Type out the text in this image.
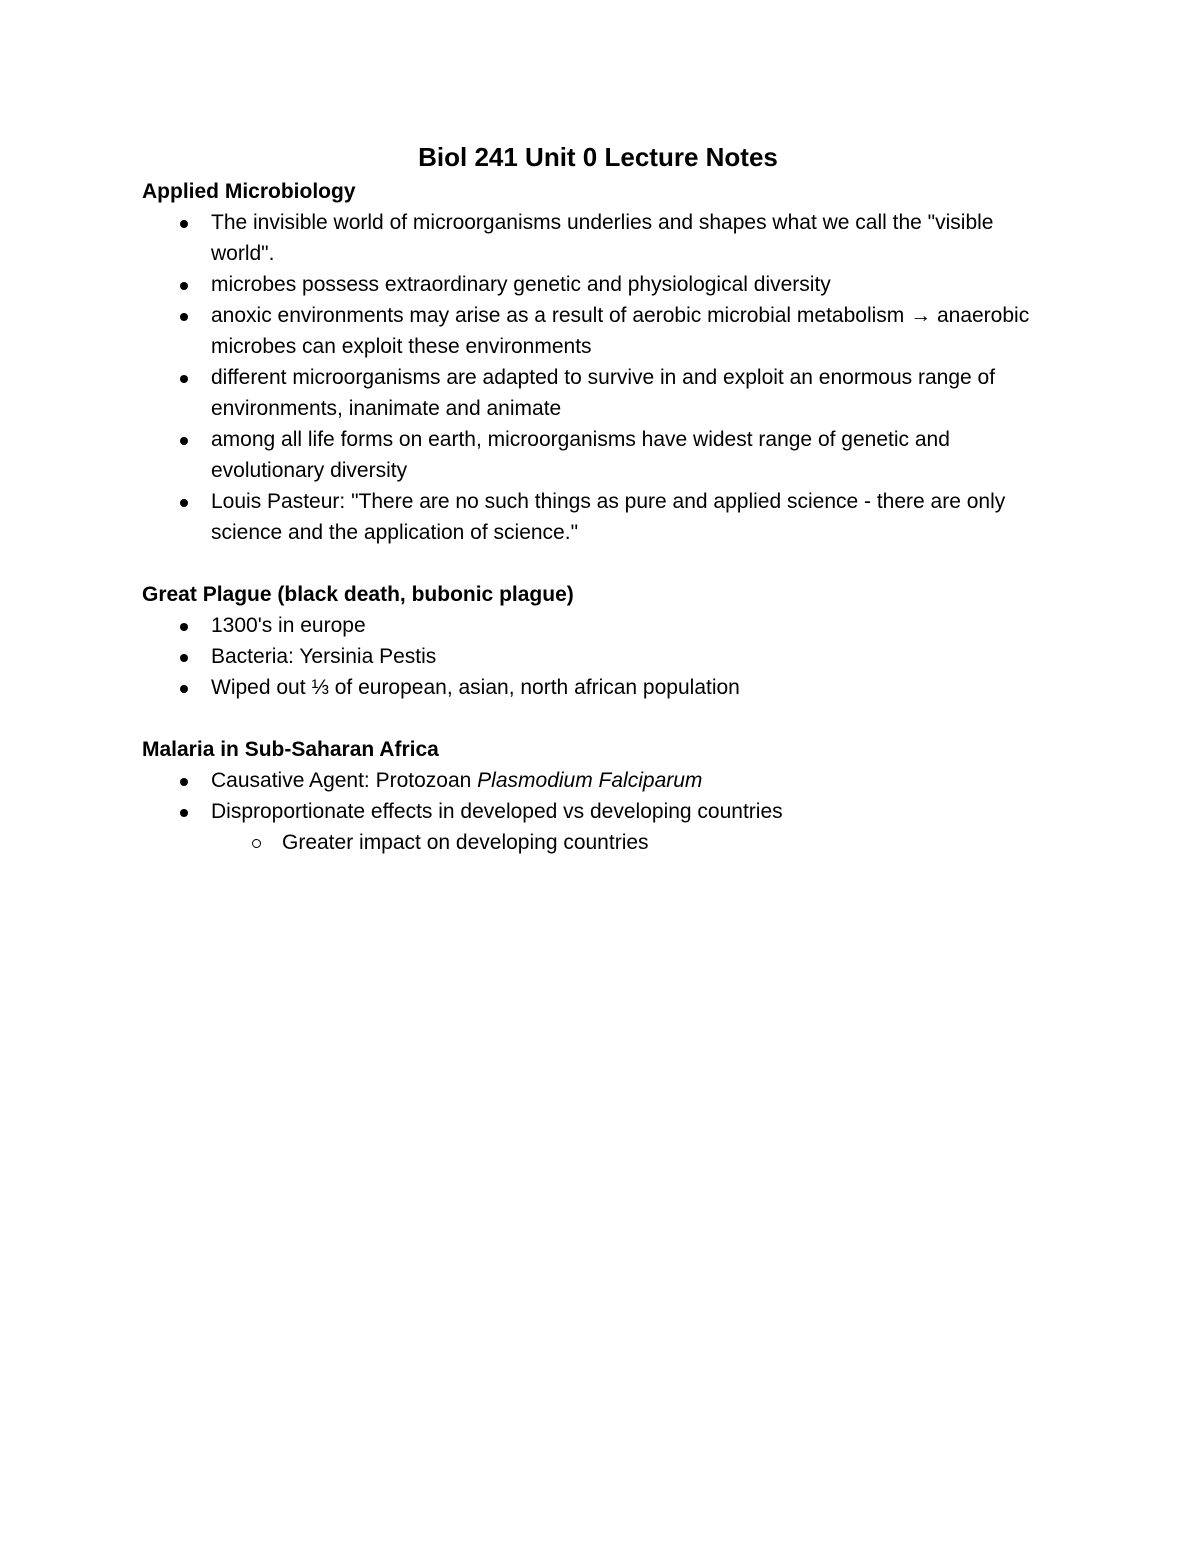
Biol 241 Unit 0 Lecture Notes
Applied Microbiology
The invisible world of microorganisms underlies and shapes what we call the "visible world".
microbes possess extraordinary genetic and physiological diversity
anoxic environments may arise as a result of aerobic microbial metabolism → anaerobic microbes can exploit these environments
different microorganisms are adapted to survive in and exploit an enormous range of environments, inanimate and animate
among all life forms on earth, microorganisms have widest range of genetic and evolutionary diversity
Louis Pasteur: "There are no such things as pure and applied science - there are only science and the application of science."
Great Plague (black death, bubonic plague)
1300's in europe
Bacteria: Yersinia Pestis
Wiped out ⅓ of european, asian, north african population
Malaria in Sub-Saharan Africa
Causative Agent: Protozoan Plasmodium Falciparum
Disproportionate effects in developed vs developing countries
Greater impact on developing countries
